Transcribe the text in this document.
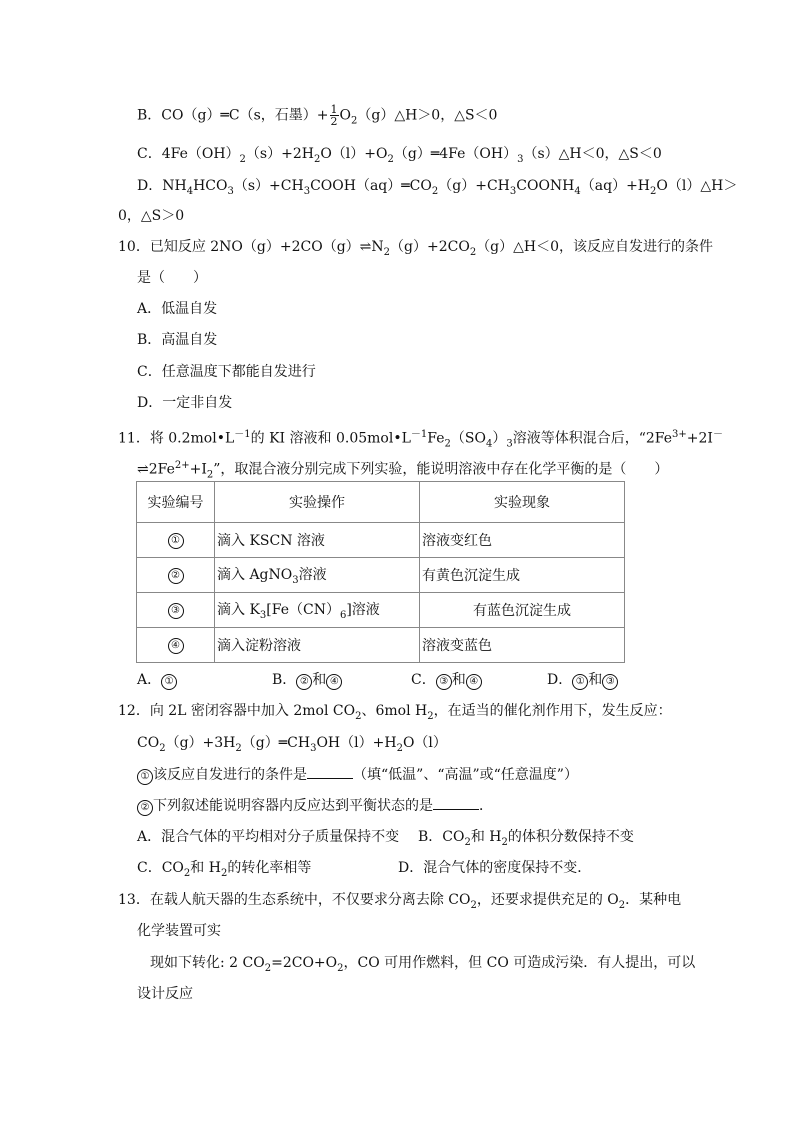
B．CO（g）═C（s，石墨）+ $\frac{1}{2}$ $O_2(g)\triangle H>0$，△S＜0
C．$4Fe(OH)_2(s)+2H_2O(l)+O_2(g)═4Fe(OH)_3(s)\triangle H<0$，△S＜0
D．$NH_4HCO_3(s)+CH_3COOH(aq)═CO_2(g)+CH_3COONH_4(aq)+H_2O(l)\triangle H>$
0，△S＞0
10．已知反应 $2NO(g)+2CO(g)\rightleftharpoons N_2(g)+2CO_2(g)\triangle H<0$，该反应自发进行的条件
是（　　）
A．低温自发
B．高温自发
C．任意温度下都能自发进行
D．一定非自发
11．将 $0.2mol•L^{-1}$的 KI 溶液和 $0.05mol•L^{-1}Fe_2(SO_4)_3$溶液等体积混合后，“$2Fe^{3+}+2I^-$
$\rightleftharpoons 2Fe^{2+}+I_2$”，取混合液分别完成下列实验，能说明溶液中存在化学平衡的是（　　）
实验编号	实验操作	实验现象
①	滴入 KSCN 溶液	溶液变红色
②	滴入 AgNO$_3$溶液	有黄色沉淀生成
③	滴入 $K_3[Fe(CN)_6]$溶液	有蓝色沉淀生成
④	滴入淀粉溶液	溶液变蓝色
A． ①	B． ② 和 ④	C． ③ 和 ④	D． ① 和 ③
12．向 2L 密闭容器中加入 2mol $CO_2$、6mol $H_2$，在适当的催化剂作用下，发生反应：
$CO_2(g)+3H_2(g)═CH_3OH(l)+H_2O(l)$
① 该反应自发进行的条件是	（填“低温”、“高温”或“任意温度”）
② 下列叙述能说明容器内反应达到平衡状态的是	．
A．混合气体的平均相对分子质量保持不变 B．$CO_2$和 $H_2$的体积分数保持不变
C．$CO_2$和 $H_2$的转化率相等	D．混合气体的密度保持不变．
13．在载人航天器的生态系统中，不仅要求分离去除 $CO_2$，还要求提供充足的 $O_2$．某种电
化学装置可实
现如下转化: 2 $CO_2=2CO+O_2$，CO 可用作燃料，但 CO 可造成污染．有人提出，可以
设计反应
